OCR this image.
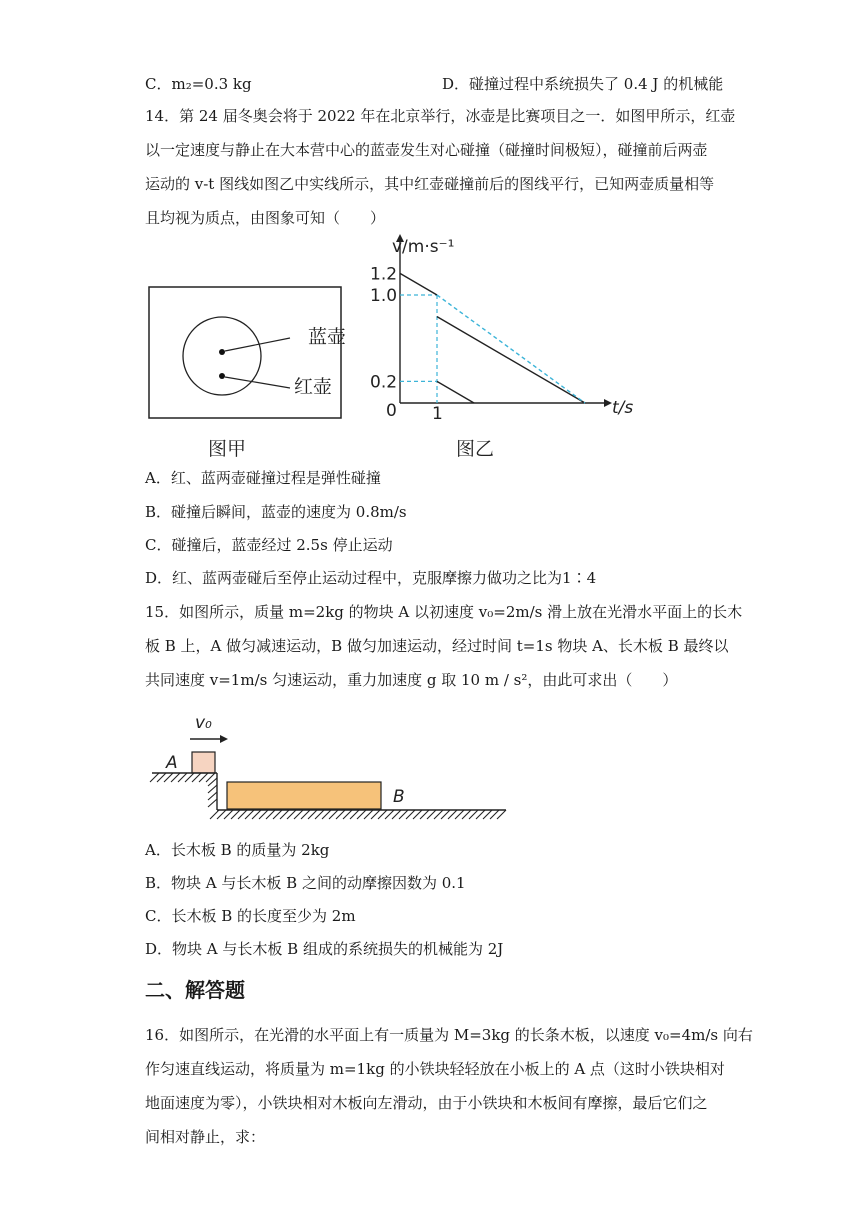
C．m₂=0.3 kg	D．碰撞过程中系统损失了 0.4 J 的机械能
14．第 24 届冬奥会将于 2022 年在北京举行，冰壶是比赛项目之一．如图甲所示，红壶
以一定速度与静止在大本营中心的蓝壶发生对心碰撞（碰撞时间极短），碰撞前后两壶
运动的 v-t 图线如图乙中实线所示，其中红壶碰撞前后的图线平行，已知两壶质量相等
且均视为质点，由图象可知（　　）
蓝壶
红壶
图甲
1.2
1.0
0.2
0 1
v/m·s⁻¹
t/s
图乙
A．红、蓝两壶碰撞过程是弹性碰撞
B．碰撞后瞬间，蓝壶的速度为 0.8m/s
C．碰撞后，蓝壶经过 2.5s 停止运动
D．红、蓝两壶碰后至停止运动过程中，克服摩擦力做功之比为1∶4
15．如图所示，质量 m=2kg 的物块 A 以初速度 v₀=2m/s 滑上放在光滑水平面上的长木
板 B 上，A 做匀减速运动，B 做匀加速运动，经过时间 t=1s 物块 A、长木板 B 最终以
共同速度 v=1m/s 匀速运动，重力加速度 g 取 10 m / s²，由此可求出（　　）
v₀
A
B
A．长木板 B 的质量为 2kg
B．物块 A 与长木板 B 之间的动摩擦因数为 0.1
C．长木板 B 的长度至少为 2m
D．物块 A 与长木板 B 组成的系统损失的机械能为 2J
二、解答题
16．如图所示，在光滑的水平面上有一质量为 M=3kg 的长条木板，以速度 v₀=4m/s 向右
作匀速直线运动，将质量为 m=1kg 的小铁块轻轻放在小板上的 A 点（这时小铁块相对
地面速度为零），小铁块相对木板向左滑动，由于小铁块和木板间有摩擦，最后它们之
间相对静止，求：
